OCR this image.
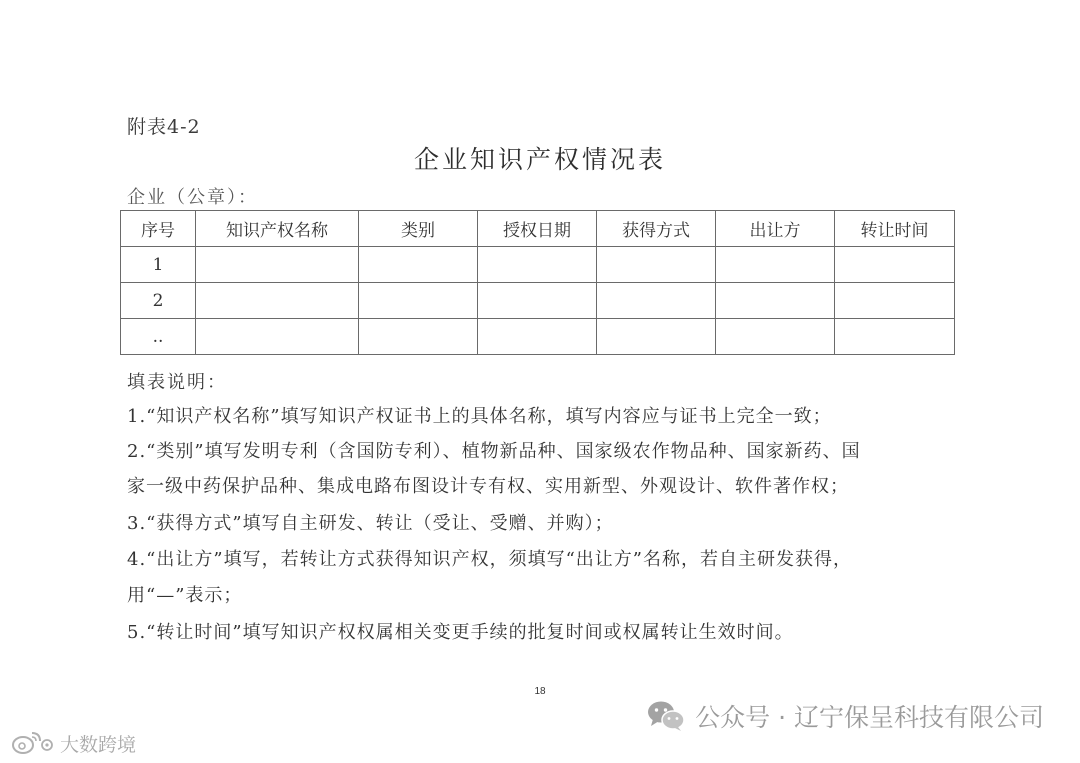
附表4-2
企业知识产权情况表
企业（公章）：
序号	知识产权名称	类别	授权日期	获得方式	出让方	转让时间
1						
2						
..						
填表说明：
1.“知识产权名称”填写知识产权证书上的具体名称，填写内容应与证书上完全一致；
2.“类别”填写发明专利（含国防专利）、植物新品种、国家级农作物品种、国家新药、国
家一级中药保护品种、集成电路布图设计专有权、实用新型、外观设计、软件著作权；
3.“获得方式”填写自主研发、转让（受让、受赠、并购）；
4.“出让方”填写，若转让方式获得知识产权，须填写“出让方”名称，若自主研发获得，
用“—”表示；
5.“转让时间”填写知识产权权属相关变更手续的批复时间或权属转让生效时间。
18
公众号 · 辽宁保呈科技有限公司
大数跨境
